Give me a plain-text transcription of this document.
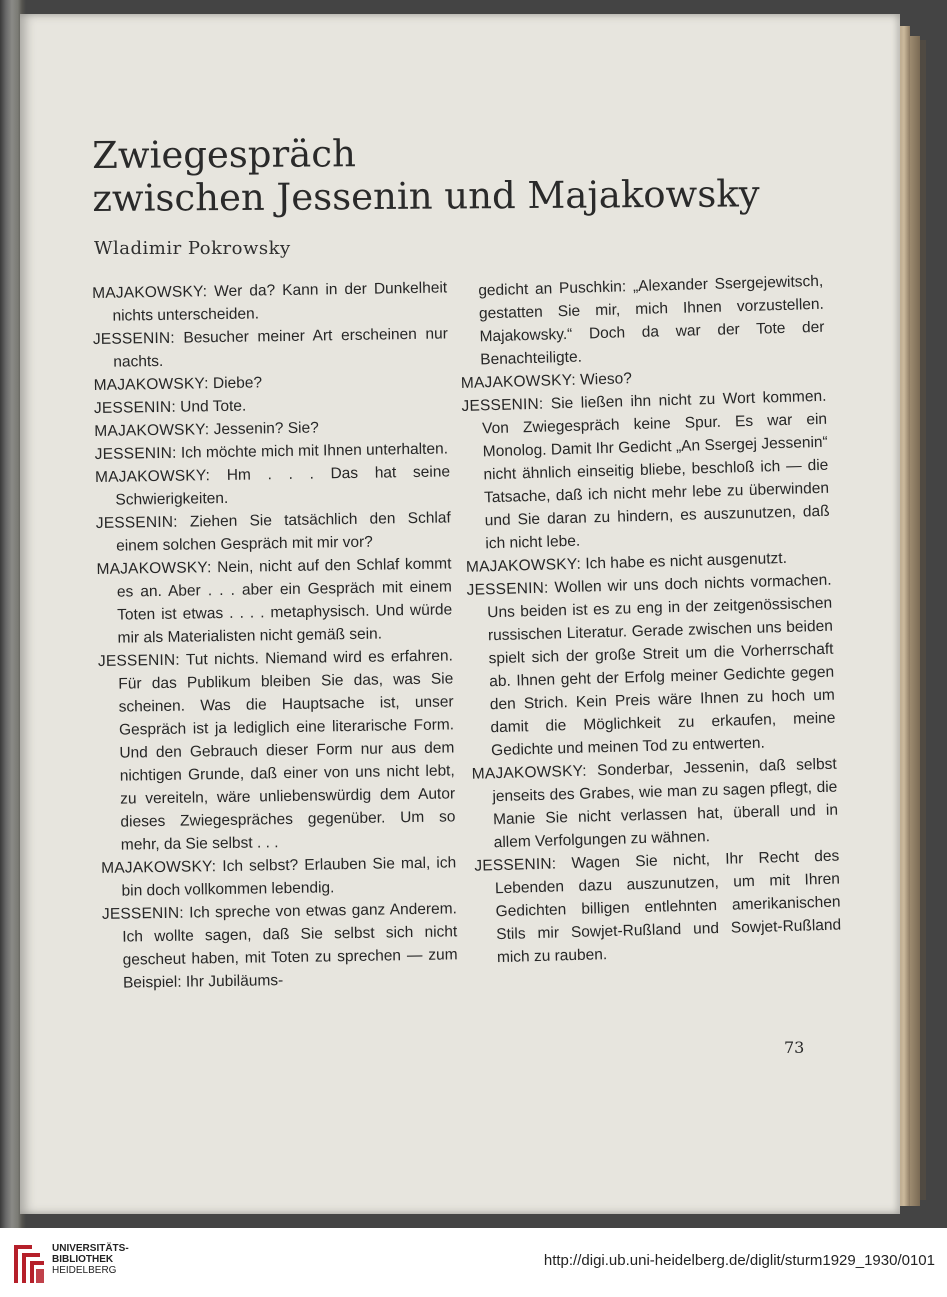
Zwiegespräch
zwischen Jessenin und Majakowsky
Wladimir Pokrowsky

MAJAKOWSKY: Wer da? Kann in der Dunkelheit nichts unterscheiden.

JESSENIN: Besucher meiner Art erscheinen nur nachts.

MAJAKOWSKY: Diebe?

JESSENIN: Und Tote.

MAJAKOWSKY: Jessenin? Sie?

JESSENIN: Ich möchte mich mit Ihnen unterhalten.

MAJAKOWSKY: Hm . . . Das hat seine Schwierigkeiten.

JESSENIN: Ziehen Sie tatsächlich den Schlaf einem solchen Gespräch mit mir vor?

MAJAKOWSKY: Nein, nicht auf den Schlaf kommt es an. Aber . . . aber ein Gespräch mit einem Toten ist etwas . . . . metaphysisch. Und würde mir als Materialisten nicht gemäß sein.

JESSENIN: Tut nichts. Niemand wird es erfahren. Für das Publikum bleiben Sie das, was Sie scheinen. Was die Hauptsache ist, unser Gespräch ist ja lediglich eine literarische Form. Und den Gebrauch dieser Form nur aus dem nichtigen Grunde, daß einer von uns nicht lebt, zu vereiteln, wäre unliebenswürdig dem Autor dieses Zwiegespräches gegenüber. Um so mehr, da Sie selbst . . .

MAJAKOWSKY: Ich selbst? Erlauben Sie mal, ich bin doch vollkommen lebendig.

JESSENIN: Ich spreche von etwas ganz Anderem. Ich wollte sagen, daß Sie selbst sich nicht gescheut haben, mit Toten zu sprechen — zum Beispiel: Ihr Jubiläums-

gedicht an Puschkin: „Alexander Ssergejewitsch, gestatten Sie mir, mich Ihnen vorzustellen. Majakowsky.“ Doch da war der Tote der Benachteiligte.

MAJAKOWSKY: Wieso?

JESSENIN: Sie ließen ihn nicht zu Wort kommen. Von Zwiegespräch keine Spur. Es war ein Monolog. Damit Ihr Gedicht „An Ssergej Jessenin“ nicht ähnlich einseitig bliebe, beschloß ich — die Tatsache, daß ich nicht mehr lebe zu überwinden und Sie daran zu hindern, es auszunutzen, daß ich nicht lebe.

MAJAKOWSKY: Ich habe es nicht ausgenutzt.

JESSENIN: Wollen wir uns doch nichts vormachen. Uns beiden ist es zu eng in der zeitgenössischen russischen Literatur. Gerade zwischen uns beiden spielt sich der große Streit um die Vorherrschaft ab. Ihnen geht der Erfolg meiner Gedichte gegen den Strich. Kein Preis wäre Ihnen zu hoch um damit die Möglichkeit zu erkaufen, meine Gedichte und meinen Tod zu entwerten.

MAJAKOWSKY: Sonderbar, Jessenin, daß selbst jenseits des Grabes, wie man zu sagen pflegt, die Manie Sie nicht verlassen hat, überall und in allem Verfolgungen zu wähnen.

JESSENIN: Wagen Sie nicht, Ihr Recht des Lebenden dazu auszunutzen, um mit Ihren Gedichten billigen entlehnten amerikanischen Stils mir Sowjet-Rußland und Sowjet-Rußland mich zu rauben.

73
UNIVERSITÄTS-
BIBLIOTHEK
HEIDELBERG
http://digi.ub.uni-heidelberg.de/diglit/sturm1929_1930/0101
